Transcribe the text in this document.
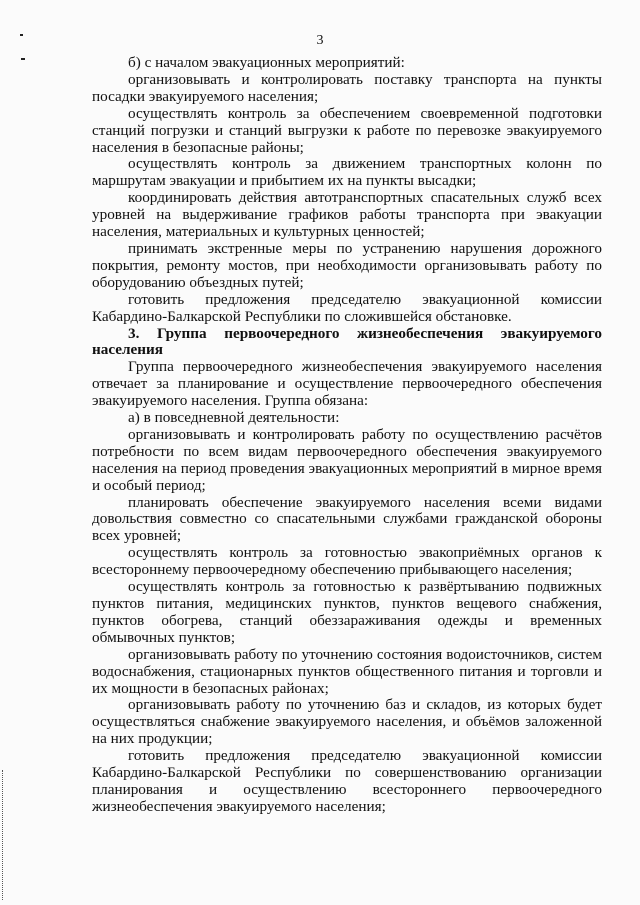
3

б) с началом эвакуационных мероприятий:

организовывать и контролировать поставку транспорта на пункты посадки эвакуируемого населения;

осуществлять контроль за обеспечением своевременной подготовки станций погрузки и станций выгрузки к работе по перевозке эвакуируемого населения в безопасные районы;

осуществлять контроль за движением транспортных колонн по маршрутам эвакуации и прибытием их на пункты высадки;

координировать действия автотранспортных спасательных служб всех уровней на выдерживание графиков работы транспорта при эвакуации населения, материальных и культурных ценностей;

принимать экстренные меры по устранению нарушения дорожного покрытия, ремонту мостов, при необходимости организовывать работу по оборудованию объездных путей;

готовить предложения председателю эвакуационной комиссии Кабардино-Балкарской Республики по сложившейся обстановке.

3. Группа первоочередного жизнеобеспечения эвакуируемого населения

Группа первоочередного жизнеобеспечения эвакуируемого населения отвечает за планирование и осуществление первоочередного обеспечения эвакуируемого населения. Группа обязана:

а) в повседневной деятельности:

организовывать и контролировать работу по осуществлению расчётов потребности по всем видам первоочередного обеспечения эвакуируемого населения на период проведения эвакуационных мероприятий в мирное время и особый период;

планировать обеспечение эвакуируемого населения всеми видами довольствия совместно со спасательными службами гражданской обороны всех уровней;

осуществлять контроль за готовностью эвакоприёмных органов к всестороннему первоочередному обеспечению прибывающего населения;

осуществлять контроль за готовностью к развёртыванию подвижных пунктов питания, медицинских пунктов, пунктов вещевого снабжения, пунктов обогрева, станций обеззараживания одежды и временных обмывочных пунктов;

организовывать работу по уточнению состояния водоисточников, систем водоснабжения, стационарных пунктов общественного питания и торговли и их мощности в безопасных районах;

организовывать работу по уточнению баз и складов, из которых будет осуществляться снабжение эвакуируемого населения, и объёмов заложенной на них продукции;

готовить предложения председателю эвакуационной комиссии Кабардино-Балкарской Республики по совершенствованию организации планирования и осуществлению всестороннего первоочередного жизнеобеспечения эвакуируемого населения;
